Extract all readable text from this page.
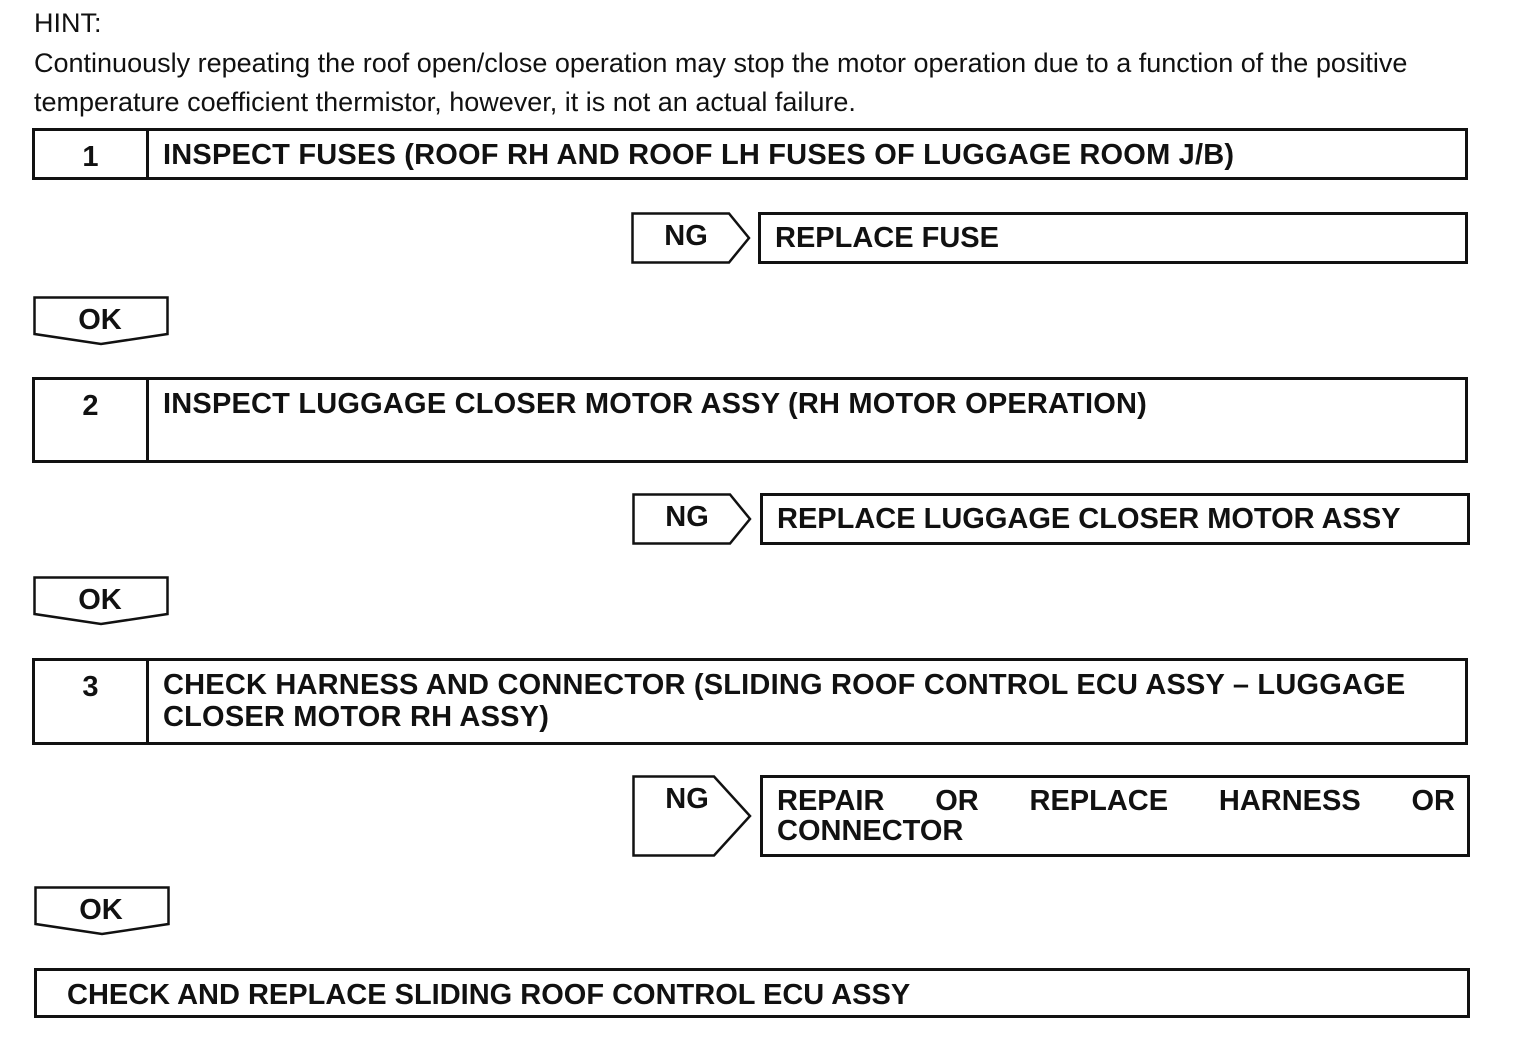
HINT:

Continuously repeating the roof open/close operation may stop the motor operation due to a function of the positive temperature coefficient thermistor, however, it is not an actual failure.

1	INSPECT FUSES (ROOF RH AND ROOF LH FUSES OF LUGGAGE ROOM J/B)
NG	REPLACE FUSE
OK
2	INSPECT LUGGAGE CLOSER MOTOR ASSY (RH MOTOR OPERATION)
NG	REPLACE LUGGAGE CLOSER MOTOR ASSY
OK
3	CHECK HARNESS AND CONNECTOR (SLIDING ROOF CONTROL ECU ASSY – LUGGAGE CLOSER MOTOR RH ASSY)
NG	REPAIR OR REPLACE HARNESS OR CONNECTOR
OK
CHECK AND REPLACE SLIDING ROOF CONTROL ECU ASSY
